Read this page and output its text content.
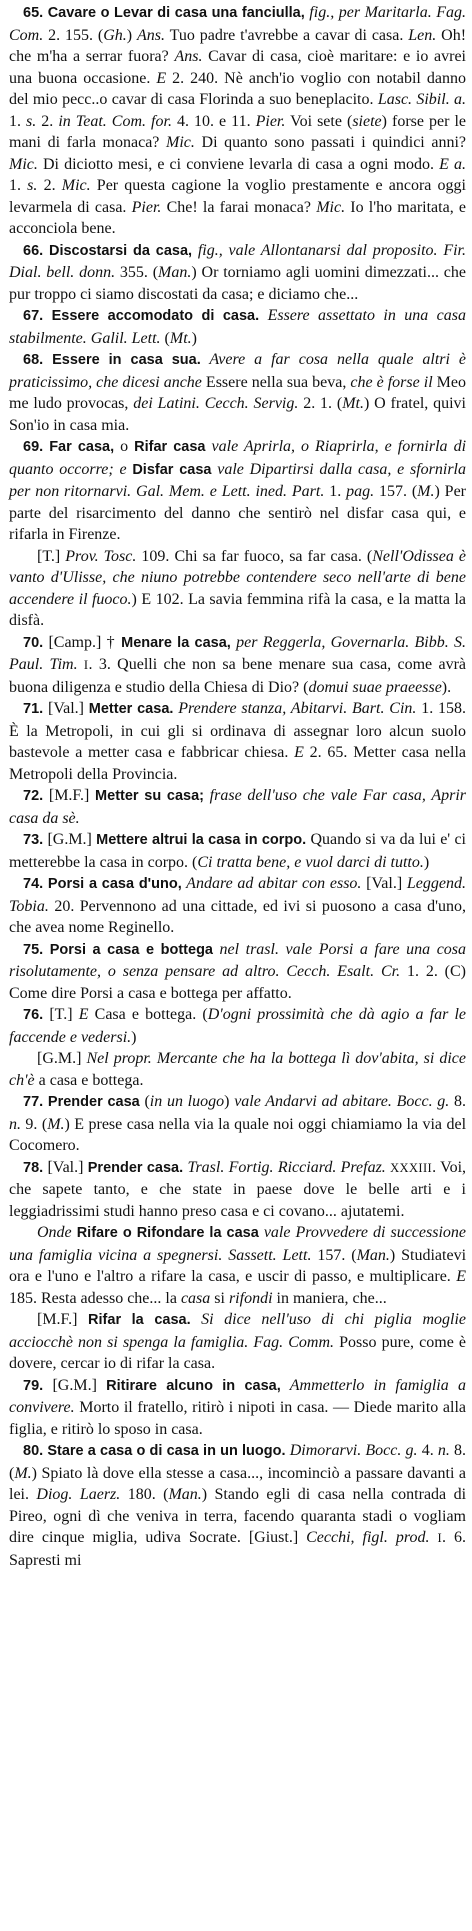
65. Cavare o Levar di casa una fanciulla, fig., per Maritarla. Fag. Com. 2. 155. (Gh.) Ans. Tuo padre t'avrebbe a cavar di casa. Len. Oh! che m'ha a serrar fuora? Ans. Cavar di casa, cioè maritare: e io avrei una buona occasione. E 2. 240. Nè anch'io voglio con notabil danno del mio pecc..o cavar di casa Florinda a suo beneplacito. Lasc. Sibil. a. 1. s. 2. in Teat. Com. for. 4. 10. e 11. Pier. Voi sete (siete) forse per le mani di farla monaca? Mic. Di quanto sono passati i quindici anni? Mic. Di diciotto mesi, e ci conviene levarla di casa a ogni modo. E a. 1. s. 2. Mic. Per questa cagione la voglio prestamente e ancora oggi levarmela di casa. Pier. Che! la farai monaca? Mic. Io l'ho maritata, e acconciola bene.

66. Discostarsi da casa, fig., vale Allontanarsi dal proposito. Fir. Dial. bell. donn. 355. (Man.) Or torniamo agli uomini dimezzati... che pur troppo ci siamo discostati da casa; e diciamo che...

67. Essere accomodato di casa. Essere assettato in una casa stabilmente. Galil. Lett. (Mt.)

68. Essere in casa sua. Avere a far cosa nella quale altri è praticissimo, che dicesi anche Essere nella sua beva, che è forse il Meo me ludo provocas, dei Latini. Cecch. Servig. 2. 1. (Mt.) O fratel, quivi Son'io in casa mia.

69. Far casa, o Rifar casa vale Aprirla, o Riaprirla, e fornirla di quanto occorre; e Disfar casa vale Dipartirsi dalla casa, e sfornirla per non ritornarvi. Gal. Mem. e Lett. ined. Part. 1. pag. 157. (M.) Per parte del risarcimento del danno che sentirò nel disfar casa qui, e rifarla in Firenze.

[T.] Prov. Tosc. 109. Chi sa far fuoco, sa far casa. (Nell'Odissea è vanto d'Ulisse, che niuno potrebbe contendere seco nell'arte di bene accendere il fuoco.) E 102. La savia femmina rifà la casa, e la matta la disfà.

70. [Camp.] † Menare la casa, per Reggerla, Governarla. Bibb. S. Paul. Tim. I. 3. Quelli che non sa bene menare sua casa, come avrà buona diligenza e studio della Chiesa di Dio? (domui suae praeesse).

71. [Val.] Metter casa. Prendere stanza, Abitarvi. Bart. Cin. 1. 158. È la Metropoli, in cui gli si ordinava di assegnar loro alcun suolo bastevole a metter casa e fabbricar chiesa. E 2. 65. Metter casa nella Metropoli della Provincia.

72. [M.F.] Metter su casa; frase dell'uso che vale Far casa, Aprir casa da sè.

73. [G.M.] Mettere altrui la casa in corpo. Quando si va da lui e' ci metterebbe la casa in corpo. (Ci tratta bene, e vuol darci di tutto.)

74. Porsi a casa d'uno, Andare ad abitar con esso. [Val.] Leggend. Tobia. 20. Pervennono ad una cittade, ed ivi si puosono a casa d'uno, che avea nome Reginello.

75. Porsi a casa e bottega nel trasl. vale Porsi a fare una cosa risolutamente, o senza pensare ad altro. Cecch. Esalt. Cr. 1. 2. (C) Come dire Porsi a casa e bottega per affatto.

76. [T.] E Casa e bottega. (D'ogni prossimità che dà agio a far le faccende e vedersi.)

[G.M.] Nel propr. Mercante che ha la bottega lì dov'abita, si dice ch'è a casa e bottega.

77. Prender casa (in un luogo) vale Andarvi ad abitare. Bocc. g. 8. n. 9. (M.) E prese casa nella via la quale noi oggi chiamiamo la via del Cocomero.

78. [Val.] Prender casa. Trasl. Fortig. Ricciard. Prefaz. XXXIII. Voi, che sapete tanto, e che state in paese dove le belle arti e i leggiadrissimi studi hanno preso casa e ci covano... ajutatemi.

Onde Rifare o Rifondare la casa vale Provvedere di successione una famiglia vicina a spegnersi. Sassett. Lett. 157. (Man.) Studiatevi ora e l'uno e l'altro a rifare la casa, e uscir di passo, e multiplicare. E 185. Resta adesso che... la casa si rifondi in maniera, che...

[M.F.] Rifar la casa. Si dice nell'uso di chi piglia moglie acciocchè non si spenga la famiglia. Fag. Comm. Posso pure, come è dovere, cercar io di rifar la casa.

79. [G.M.] Ritirare alcuno in casa, Ammetterlo in famiglia a convivere. Morto il fratello, ritirò i nipoti in casa. — Diede marito alla figlia, e ritirò lo sposo in casa.

80. Stare a casa o di casa in un luogo. Dimorarvi. Bocc. g. 4. n. 8. (M.) Spiato là dove ella stesse a casa..., incominciò a passare davanti a lei. Diog. Laerz. 180. (Man.) Stando egli di casa nella contrada di Pireo, ogni dì che veniva in terra, facendo quaranta stadi o vogliam dire cinque miglia, udiva Socrate. [Giust.] Cecchi, figl. prod. I. 6. Sapresti mi
